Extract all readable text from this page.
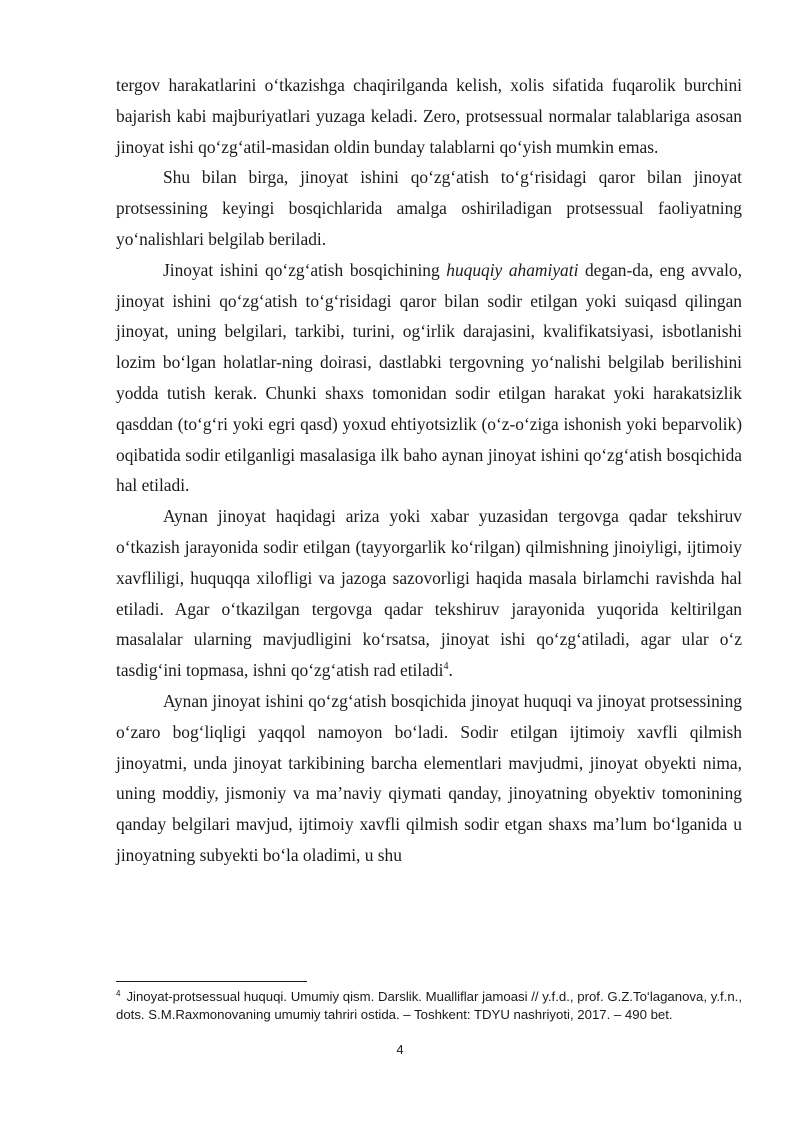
tergov harakatlarini o‘tkazishga chaqirilganda kelish, xolis sifatida fuqarolik burchini bajarish kabi majburiyatlari yuzaga keladi. Zero, protsessual normalar talablariga asosan jinoyat ishi qo‘zg‘atil-masidan oldin bunday talablarni qo‘yish mumkin emas.

Shu bilan birga, jinoyat ishini qo‘zg‘atish to‘g‘risidagi qaror bilan jinoyat protsessining keyingi bosqichlarida amalga oshiriladigan protsessual faoliyatning yo‘nalishlari belgilab beriladi.

Jinoyat ishini qo‘zg‘atish bosqichining huquqiy ahamiyati degan-da, eng avvalo, jinoyat ishini qo‘zg‘atish to‘g‘risidagi qaror bilan sodir etilgan yoki suiqasd qilingan jinoyat, uning belgilari, tarkibi, turini, og‘irlik darajasini, kvalifikatsiyasi, isbotlanishi lozim bo‘lgan holatlar-ning doirasi, dastlabki tergovning yo‘nalishi belgilab berilishini yodda tutish kerak. Chunki shaxs tomonidan sodir etilgan harakat yoki harakatsizlik qasddan (to‘g‘ri yoki egri qasd) yoxud ehtiyotsizlik (o‘z-o‘ziga ishonish yoki beparvolik) oqibatida sodir etilganligi masalasiga ilk baho aynan jinoyat ishini qo‘zg‘atish bosqichida hal etiladi.

Aynan jinoyat haqidagi ariza yoki xabar yuzasidan tergovga qadar tekshiruv o‘tkazish jarayonida sodir etilgan (tayyorgarlik ko‘rilgan) qilmishning jinoiyligi, ijtimoiy xavfliligi, huquqqa xilofligi va jazoga sazovorligi haqida masala birlamchi ravishda hal etiladi. Agar o‘tkazilgan tergovga qadar tekshiruv jarayonida yuqorida keltirilgan masalalar ularning mavjudligini ko‘rsatsa, jinoyat ishi qo‘zg‘atiladi, agar ular o‘z tasdig‘ini topmasa, ishni qo‘zg‘atish rad etiladi$^4$.

Aynan jinoyat ishini qo‘zg‘atish bosqichida jinoyat huquqi va jinoyat protsessining o‘zaro bog‘liqligi yaqqol namoyon bo‘ladi. Sodir etilgan ijtimoiy xavfli qilmish jinoyatmi, unda jinoyat tarkibining barcha elementlari mavjudmi, jinoyat obyekti nima, uning moddiy, jismoniy va ma’naviy qiymati qanday, jinoyatning obyektiv tomonining qanday belgilari mavjud, ijtimoiy xavfli qilmish sodir etgan shaxs ma’lum bo‘lganida u jinoyatning subyekti bo‘la oladimi, u shu

$^4$ Jinoyat-protsessual huquqi. Umumiy qism. Darslik. Mualliflar jamoasi // y.f.d., prof. G.Z.To‘laganova, y.f.n., dots. S.M.Raxmonovaning umumiy tahriri ostida. – Toshkent: TDYU nashriyoti, 2017. – 490 bet.

4
